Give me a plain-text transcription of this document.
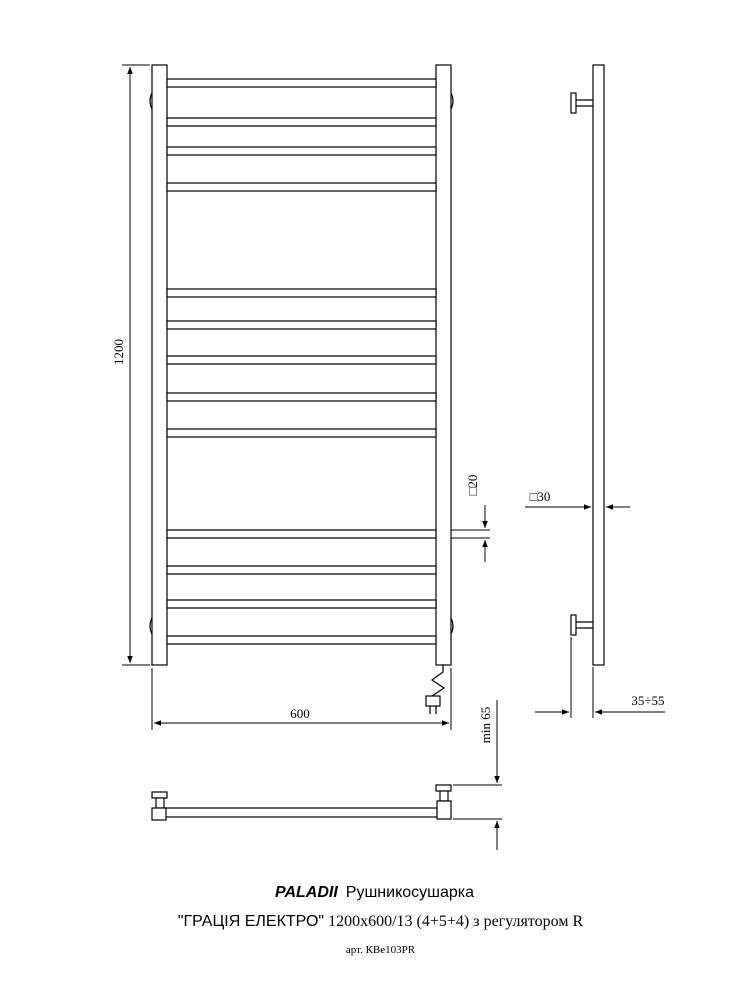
1200
600
□20
□30
35÷55
min 65
PALADII Рушникосушарка
"ГРАЦІЯ ЕЛЕКТРО" 1200х600/13 (4+5+4) з регулятором R
арт. КВе103PR
